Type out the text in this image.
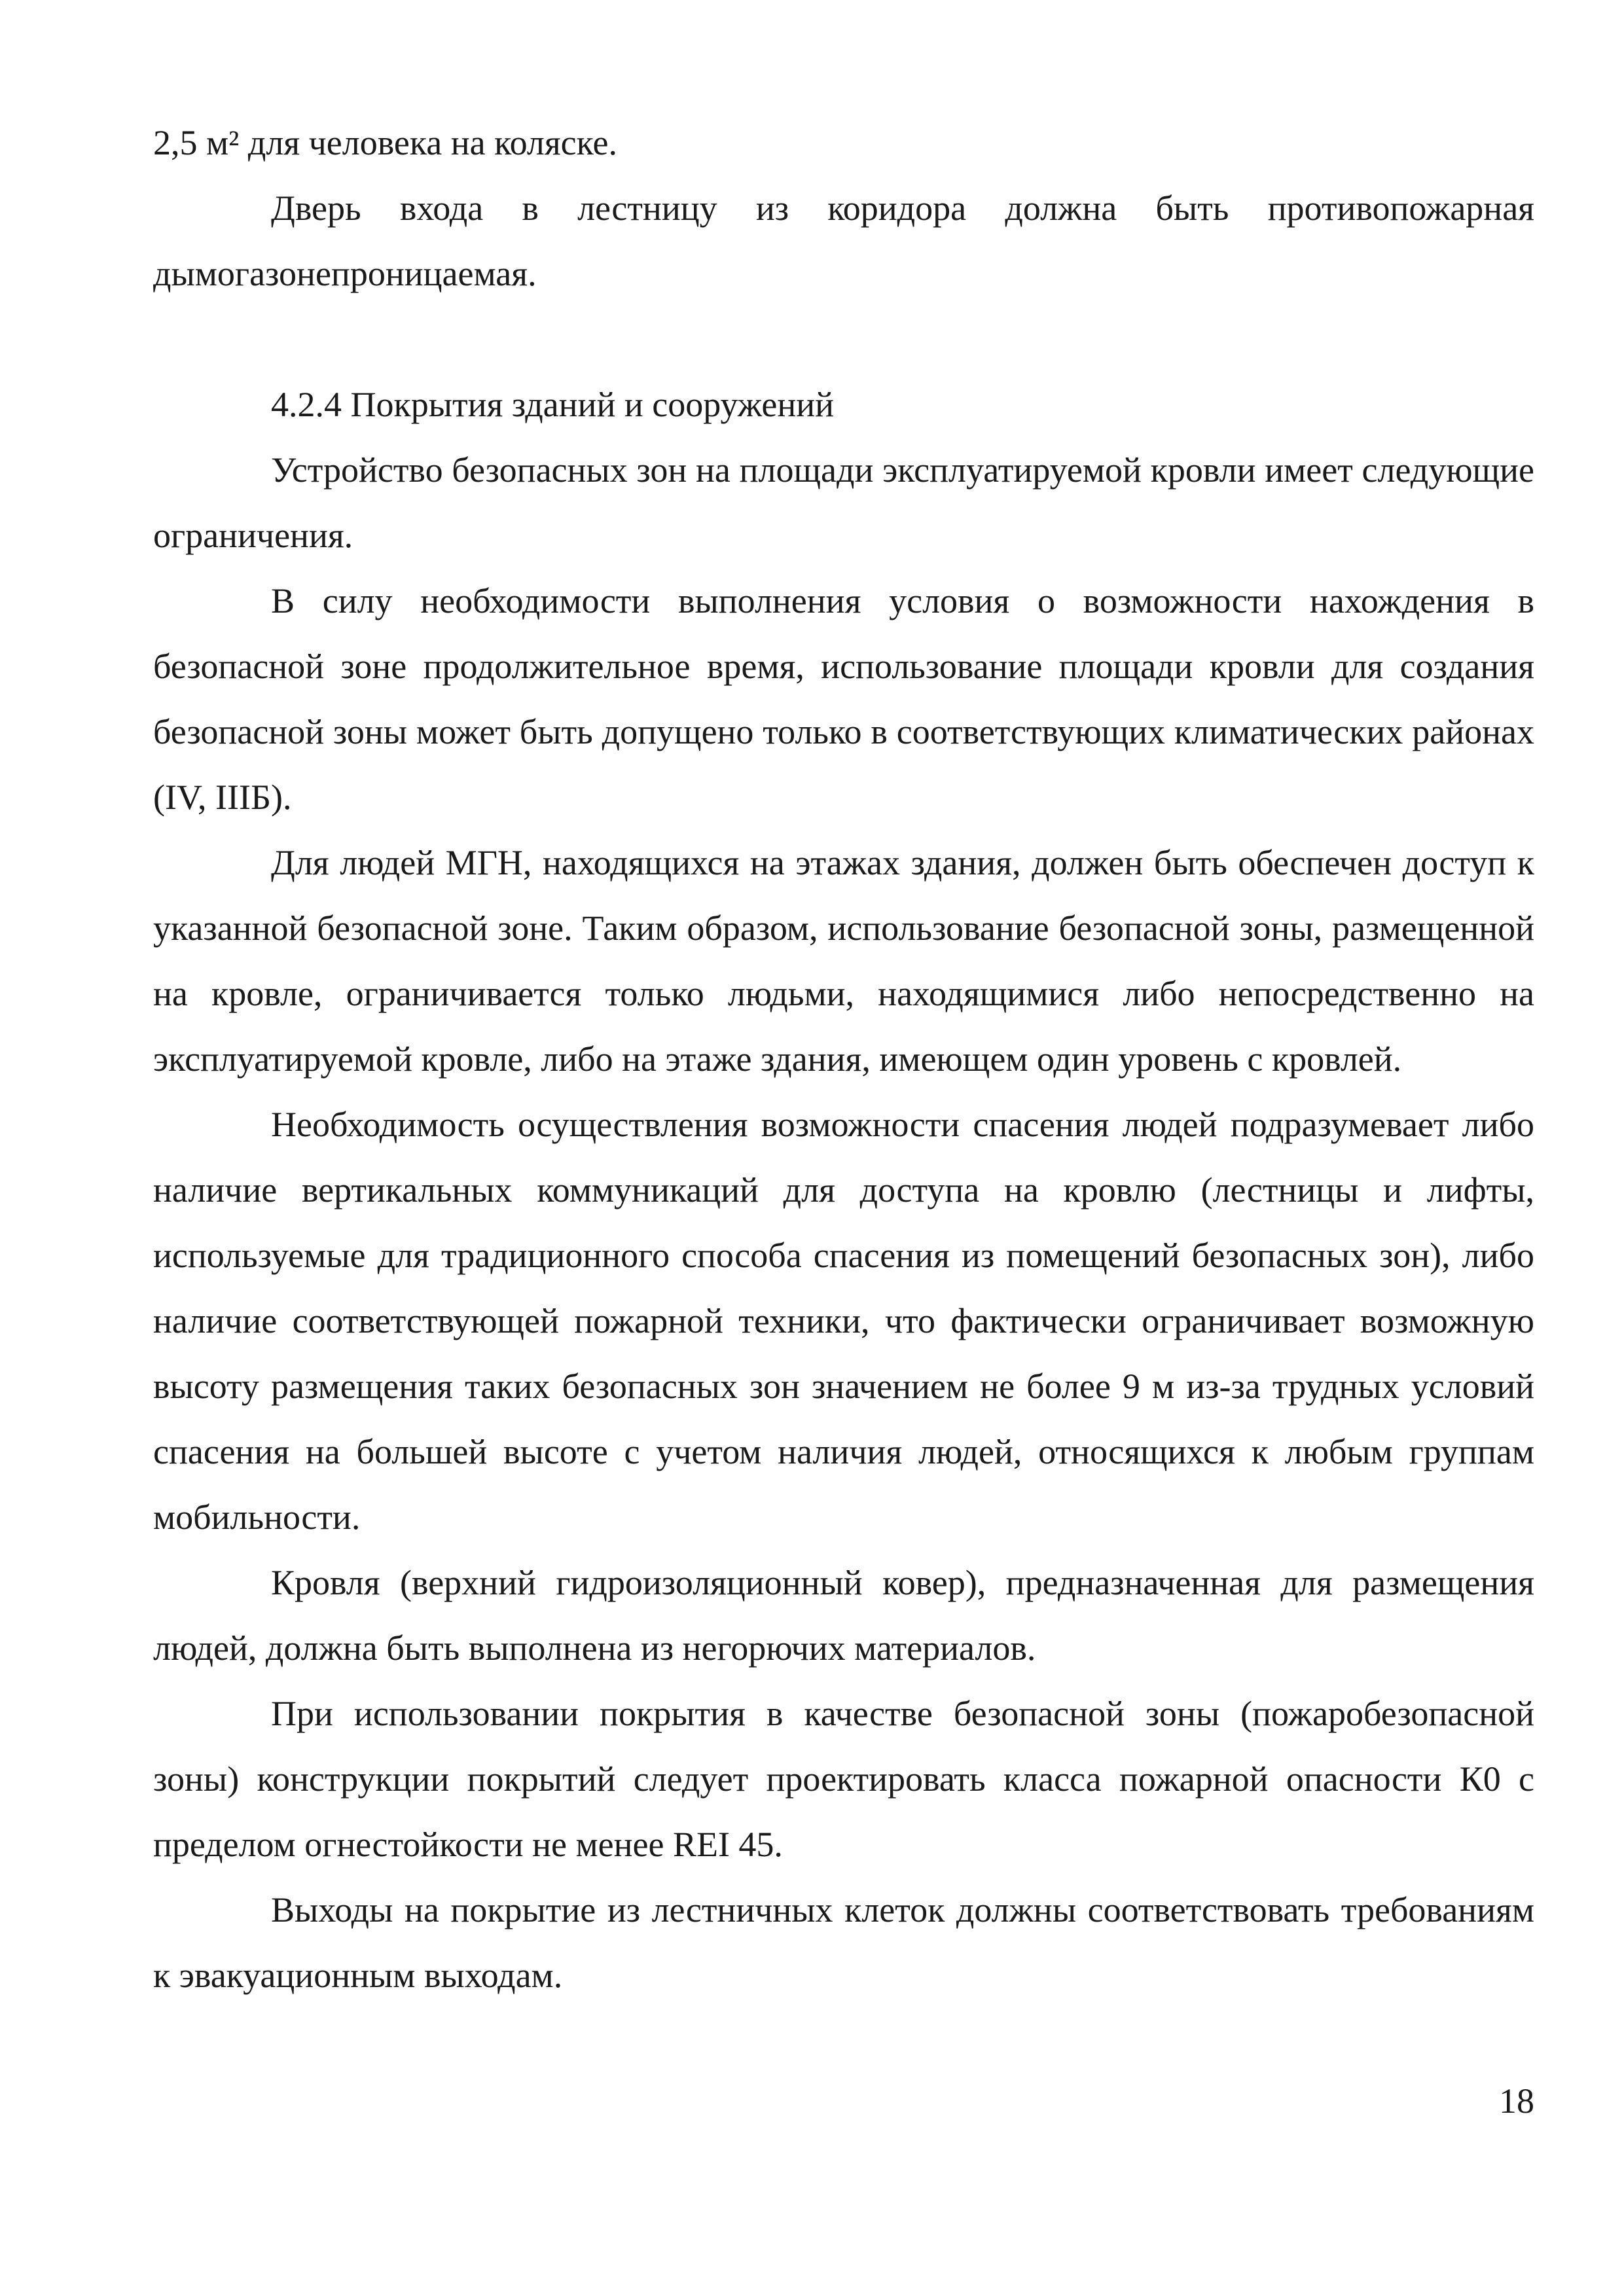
2,5 м² для человека на коляске.

Дверь входа в лестницу из коридора должна быть противопожарная дымогазонепроницаемая.

4.2.4 Покрытия зданий и сооружений

Устройство безопасных зон на площади эксплуатируемой кровли имеет следующие ограничения.

В силу необходимости выполнения условия о возможности нахождения в безопасной зоне продолжительное время, использование площади кровли для создания безопасной зоны может быть допущено только в соответствующих климатических районах (IV, IIIБ).

Для людей МГН, находящихся на этажах здания, должен быть обеспечен доступ к указанной безопасной зоне. Таким образом, использование безопасной зоны, размещенной на кровле, ограничивается только людьми, находящимися либо непосредственно на эксплуатируемой кровле, либо на этаже здания, имеющем один уровень с кровлей.

Необходимость осуществления возможности спасения людей подразумевает либо наличие вертикальных коммуникаций для доступа на кровлю (лестницы и лифты, используемые для традиционного способа спасения из помещений безопасных зон), либо наличие соответствующей пожарной техники, что фактически ограничивает возможную высоту размещения таких безопасных зон значением не более 9 м из-за трудных условий спасения на большей высоте с учетом наличия людей, относящихся к любым группам мобильности.

Кровля (верхний гидроизоляционный ковер), предназначенная для размещения людей, должна быть выполнена из негорючих материалов.

При использовании покрытия в качестве безопасной зоны (пожаробезопасной зоны) конструкции покрытий следует проектировать класса пожарной опасности К0 с пределом огнестойкости не менее REI 45.

Выходы на покрытие из лестничных клеток должны соответствовать требованиям к эвакуационным выходам.

18
